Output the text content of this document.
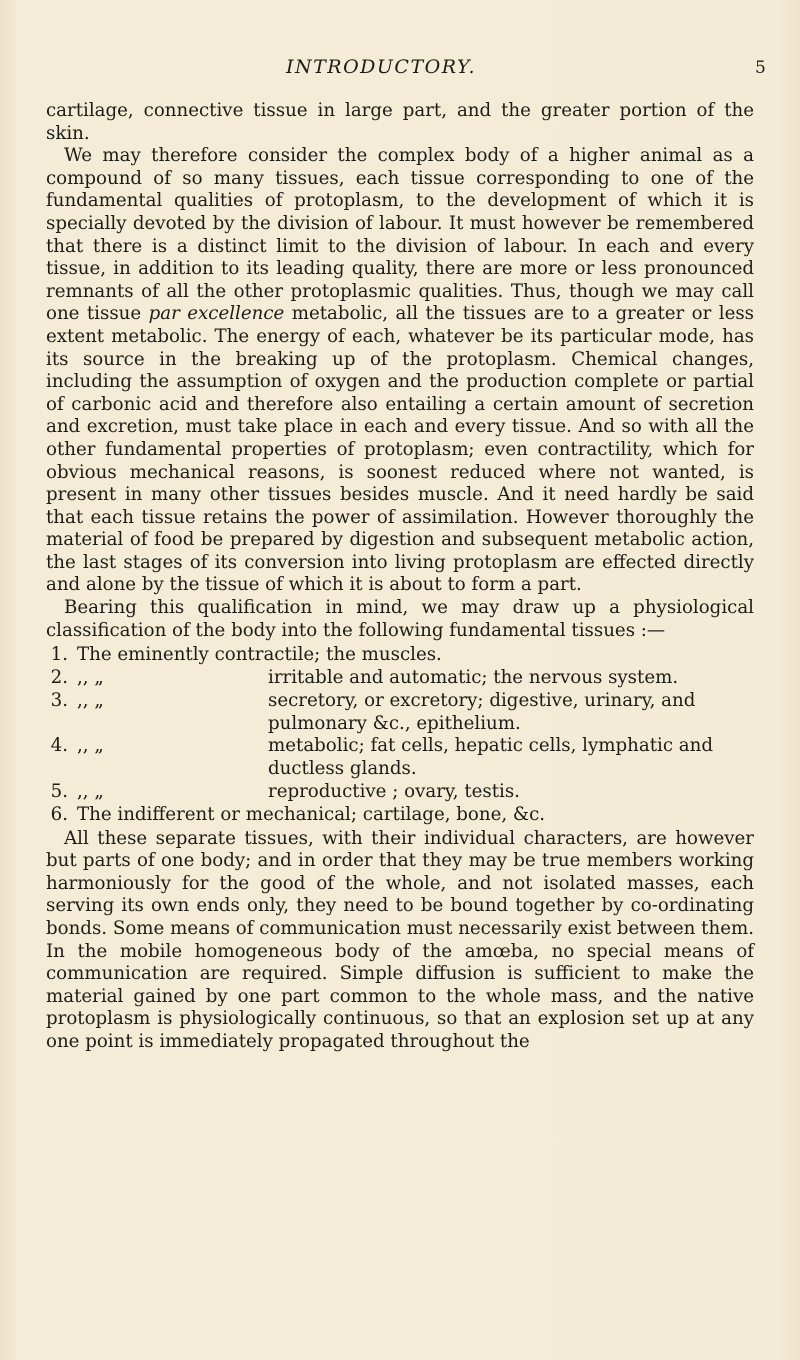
INTRODUCTORY.	5

cartilage, connective tissue in large part, and the greater portion of the skin.

We may therefore consider the complex body of a higher animal as a compound of so many tissues, each tissue corresponding to one of the fundamental qualities of protoplasm, to the development of which it is specially devoted by the division of labour. It must however be remembered that there is a distinct limit to the division of labour. In each and every tissue, in addition to its leading quality, there are more or less pronounced remnants of all the other protoplasmic qualities. Thus, though we may call one tissue par excellence metabolic, all the tissues are to a greater or less extent metabolic. The energy of each, whatever be its particular mode, has its source in the breaking up of the protoplasm. Chemical changes, including the assumption of oxygen and the production complete or partial of carbonic acid and therefore also entailing a certain amount of secretion and excretion, must take place in each and every tissue. And so with all the other fundamental properties of protoplasm; even contractility, which for obvious mechanical reasons, is soonest reduced where not wanted, is present in many other tissues besides muscle. And it need hardly be said that each tissue retains the power of assimilation. However thoroughly the material of food be prepared by digestion and subsequent metabolic action, the last stages of its conversion into living protoplasm are effected directly and alone by the tissue of which it is about to form a part.

Bearing this qualification in mind, we may draw up a physiological classification of the body into the following fundamental tissues :—

1. The eminently contractile; the muscles.
2. ,, „	irritable and automatic; the nervous system.
3. ,, „	secretory, or excretory; digestive, urinary, and pulmonary &c., epithelium.
4. ,, „	metabolic; fat cells, hepatic cells, lymphatic and ductless glands.
5. ,, „	reproductive ; ovary, testis.
6. The indifferent or mechanical; cartilage, bone, &c.

All these separate tissues, with their individual characters, are however but parts of one body; and in order that they may be true members working harmoniously for the good of the whole, and not isolated masses, each serving its own ends only, they need to be bound together by co-ordinating bonds. Some means of communication must necessarily exist between them. In the mobile homogeneous body of the amœba, no special means of communication are required. Simple diffusion is sufficient to make the material gained by one part common to the whole mass, and the native protoplasm is physiologically continuous, so that an explosion set up at any one point is immediately propagated throughout the
